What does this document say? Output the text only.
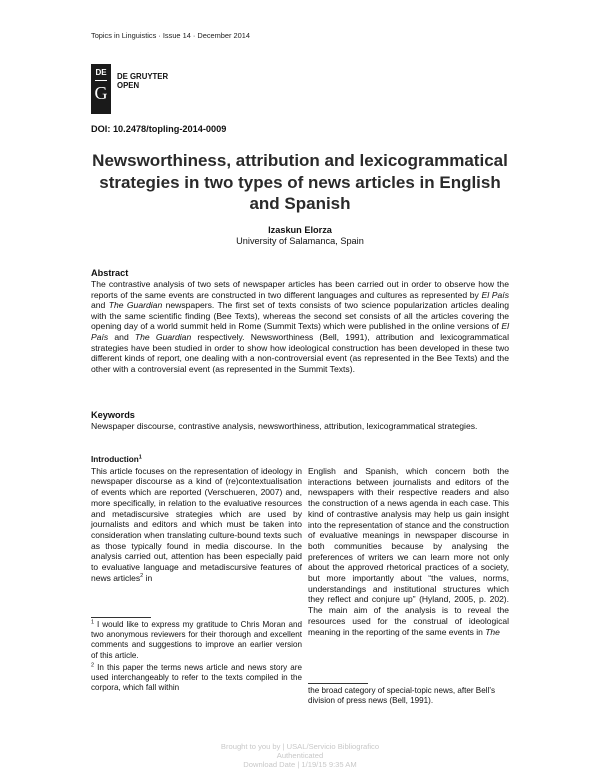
Topics in Linguistics · Issue 14 · December 2014
DE
G
DE GRUYTER
OPEN
DOI: 10.2478/topling-2014-0009
Newsworthiness, attribution and lexicogrammatical strategies in two types of news articles in English and Spanish
Izaskun Elorza
University of Salamanca, Spain
Abstract
The contrastive analysis of two sets of newspaper articles has been carried out in order to observe how the reports of the same events are constructed in two different languages and cultures as represented by El País and The Guardian newspapers. The first set of texts consists of two science popularization articles dealing with the same scientific finding (Bee Texts), whereas the second set consists of all the articles covering the opening day of a world summit held in Rome (Summit Texts) which were published in the online versions of El País and The Guardian respectively. Newsworthiness (Bell, 1991), attribution and lexicogrammatical strategies have been studied in order to show how ideological construction has been developed in these two different kinds of report, one dealing with a non-controversial event (as represented in the Bee Texts) and the other with a controversial event (as represented in the Summit Texts).
Keywords
Newspaper discourse, contrastive analysis, newsworthiness, attribution, lexicogrammatical strategies.
Introduction$^1$
This article focuses on the representation of ideology in newspaper discourse as a kind of (re)contextualisation of events which are reported (Verschueren, 2007) and, more specifically, in relation to the evaluative resources and metadiscursive strategies which are used by journalists and editors and which must be taken into consideration when translating culture-bound texts such as those typically found in media discourse. In the analysis carried out, attention has been especially paid to evaluative language and metadiscursive features of news articles$^2$ in
English and Spanish, which concern both the interactions between journalists and editors of the newspapers with their respective readers and also the construction of a news agenda in each case. This kind of contrastive analysis may help us gain insight into the representation of stance and the construction of evaluative meanings in newspaper discourse in both communities because by analysing the preferences of writers we can learn more not only about the approved rhetorical practices of a society, but more importantly about “the values, norms, understandings and institutional structures which they reflect and conjure up” (Hyland, 2005, p. 202). The main aim of the analysis is to reveal the resources used for the construal of ideological meaning in the reporting of the same events in The
$^1$ I would like to express my gratitude to Chris Moran and two anonymous reviewers for their thorough and excellent comments and suggestions to improve an earlier version of this article.
$^2$ In this paper the terms news article and news story are used interchangeably to refer to the texts compiled in the corpora, which fall within	the broad category of special-topic news, after Bell’s division of press news (Bell, 1991).
Brought to you by | USAL/Servicio Bibliografico
Authenticated
Download Date | 1/19/15 9:35 AM
